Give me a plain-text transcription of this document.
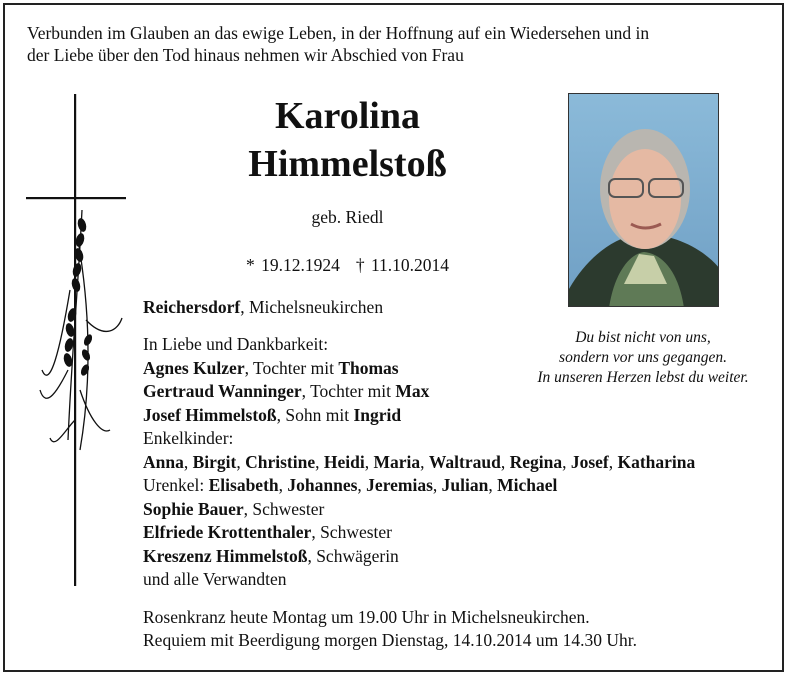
Verbunden im Glauben an das ewige Leben, in der Hoffnung auf ein Wiedersehen und in
der Liebe über den Tod hinaus nehmen wir Abschied von Frau
Karolina
Himmelstoß
geb. Riedl
* 19.12.1924 † 11.10.2014
Reichersdorf, Michelsneukirchen
Du bist nicht von uns,
sondern vor uns gegangen.
In unseren Herzen lebst du weiter.
In Liebe und Dankbarkeit:
Agnes Kulzer, Tochter mit Thomas
Gertraud Wanninger, Tochter mit Max
Josef Himmelstoß, Sohn mit Ingrid
Enkelkinder:
Anna, Birgit, Christine, Heidi, Maria, Waltraud, Regina, Josef, Katharina
Urenkel: Elisabeth, Johannes, Jeremias, Julian, Michael
Sophie Bauer, Schwester
Elfriede Krottenthaler, Schwester
Kreszenz Himmelstoß, Schwägerin
und alle Verwandten
Rosenkranz heute Montag um 19.00 Uhr in Michelsneukirchen.
Requiem mit Beerdigung morgen Dienstag, 14.10.2014 um 14.30 Uhr.
